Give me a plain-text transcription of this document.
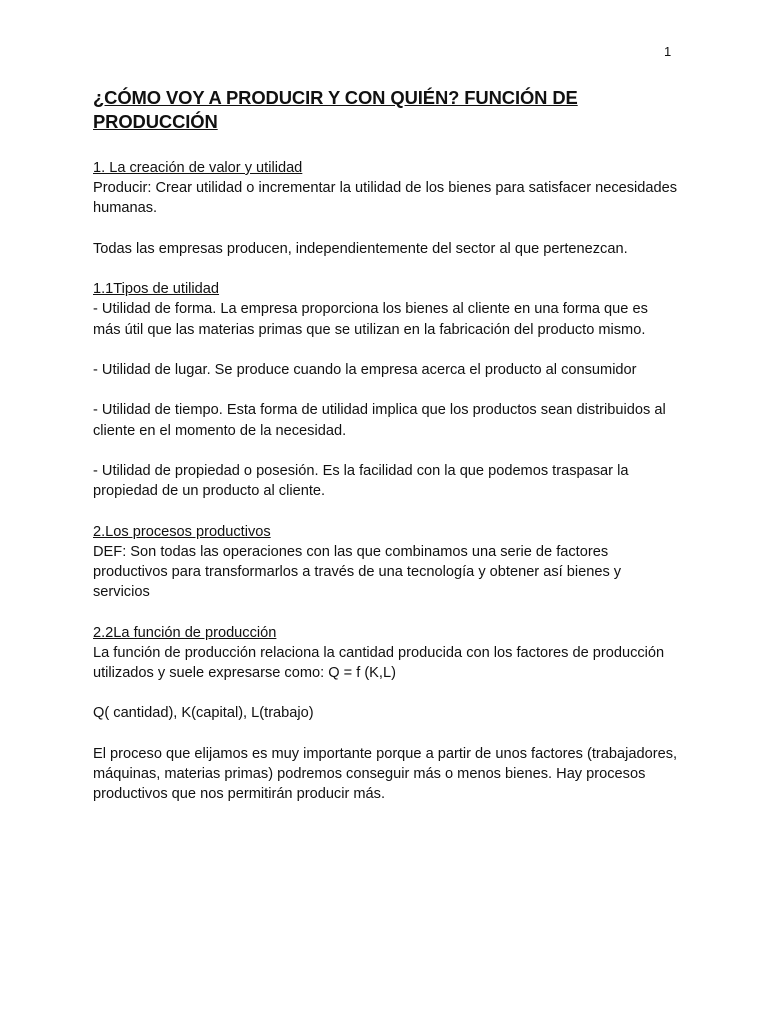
1
¿CÓMO VOY A PRODUCIR Y CON QUIÉN? FUNCIÓN DE PRODUCCIÓN
1. La creación de valor y utilidad

Producir: Crear utilidad o incrementar la utilidad de los bienes para satisfacer necesidades humanas.

Todas las empresas producen, independientemente del sector al que pertenezcan.

1.1Tipos de utilidad

- Utilidad de forma. La empresa proporciona los bienes al cliente en una forma que es más útil que las materias primas que se utilizan en la fabricación del producto mismo.

- Utilidad de lugar. Se produce cuando la empresa acerca el producto al consumidor

- Utilidad de tiempo. Esta forma de utilidad implica que los productos sean distribuidos al cliente en el momento de la necesidad.

- Utilidad de propiedad o posesión. Es la facilidad con la que podemos traspasar la propiedad de un producto al cliente.

2.Los procesos productivos

DEF: Son todas las operaciones con las que combinamos una serie de factores productivos para transformarlos a través de una tecnología y obtener así bienes y servicios

2.2La función de producción

La función de producción relaciona la cantidad producida con los factores de producción utilizados y suele expresarse como: Q = f (K,L)

Q( cantidad), K(capital), L(trabajo)

El proceso que elijamos es muy importante porque a partir de unos factores (trabajadores, máquinas, materias primas) podremos conseguir más o menos bienes. Hay procesos productivos que nos permitirán producir más.
